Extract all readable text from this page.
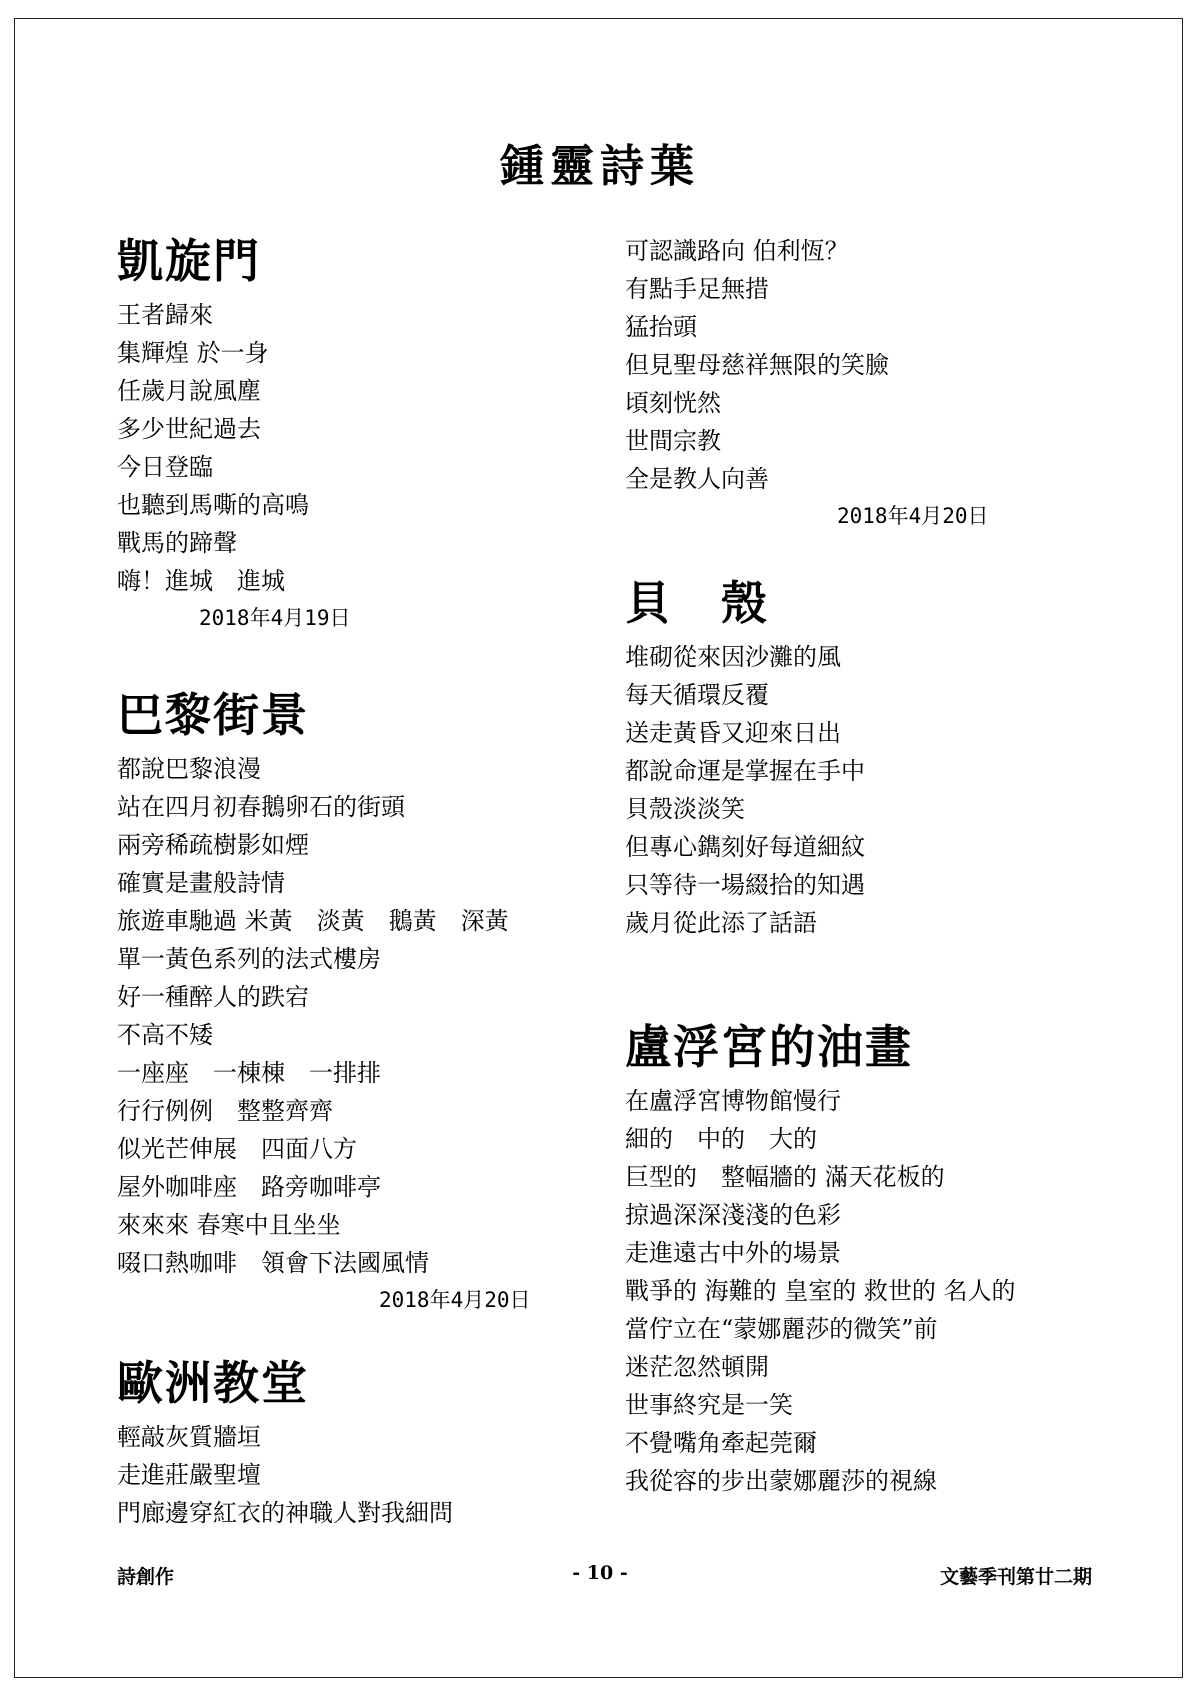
鍾靈詩葉
凱旋門
王者歸來
集輝煌 於一身
任歲月說風塵
多少世紀過去
今日登臨
也聽到馬嘶的高鳴
戰馬的蹄聲
嗨！進城　進城
2018年4月19日
巴黎街景
都說巴黎浪漫
站在四月初春鵝卵石的街頭
兩旁稀疏樹影如煙
確實是畫般詩情
旅遊車馳過 米黃　淡黃　鵝黃　深黃
單一黃色系列的法式樓房
好一種醉人的跌宕
不高不矮
一座座　一棟棟　一排排
行行例例　整整齊齊
似光芒伸展　四面八方
屋外咖啡座　路旁咖啡亭
來來來 春寒中且坐坐
啜口熱咖啡　領會下法國風情
2018年4月20日
歐洲教堂
輕敲灰質牆垣
走進莊嚴聖壇
門廊邊穿紅衣的神職人對我細問
可認識路向 伯利恆？
有點手足無措
猛抬頭
但見聖母慈祥無限的笑臉
頃刻恍然
世間宗教
全是教人向善
2018年4月20日
貝　殼
堆砌從來因沙灘的風
每天循環反覆
送走黃昏又迎來日出
都說命運是掌握在手中
貝殼淡淡笑
但專心鐫刻好每道細紋
只等待一場綴拾的知遇
歲月從此添了話語
盧浮宮的油畫
在盧浮宮博物館慢行
細的　中的　大的
巨型的　整幅牆的 滿天花板的
掠過深深淺淺的色彩
走進遠古中外的場景
戰爭的 海難的 皇室的 救世的 名人的
當佇立在“蒙娜麗莎的微笑”前
迷茫忽然頓開
世事終究是一笑
不覺嘴角牽起莞爾
我從容的步出蒙娜麗莎的視線
詩創作	- 10 -	文藝季刊第廿二期
